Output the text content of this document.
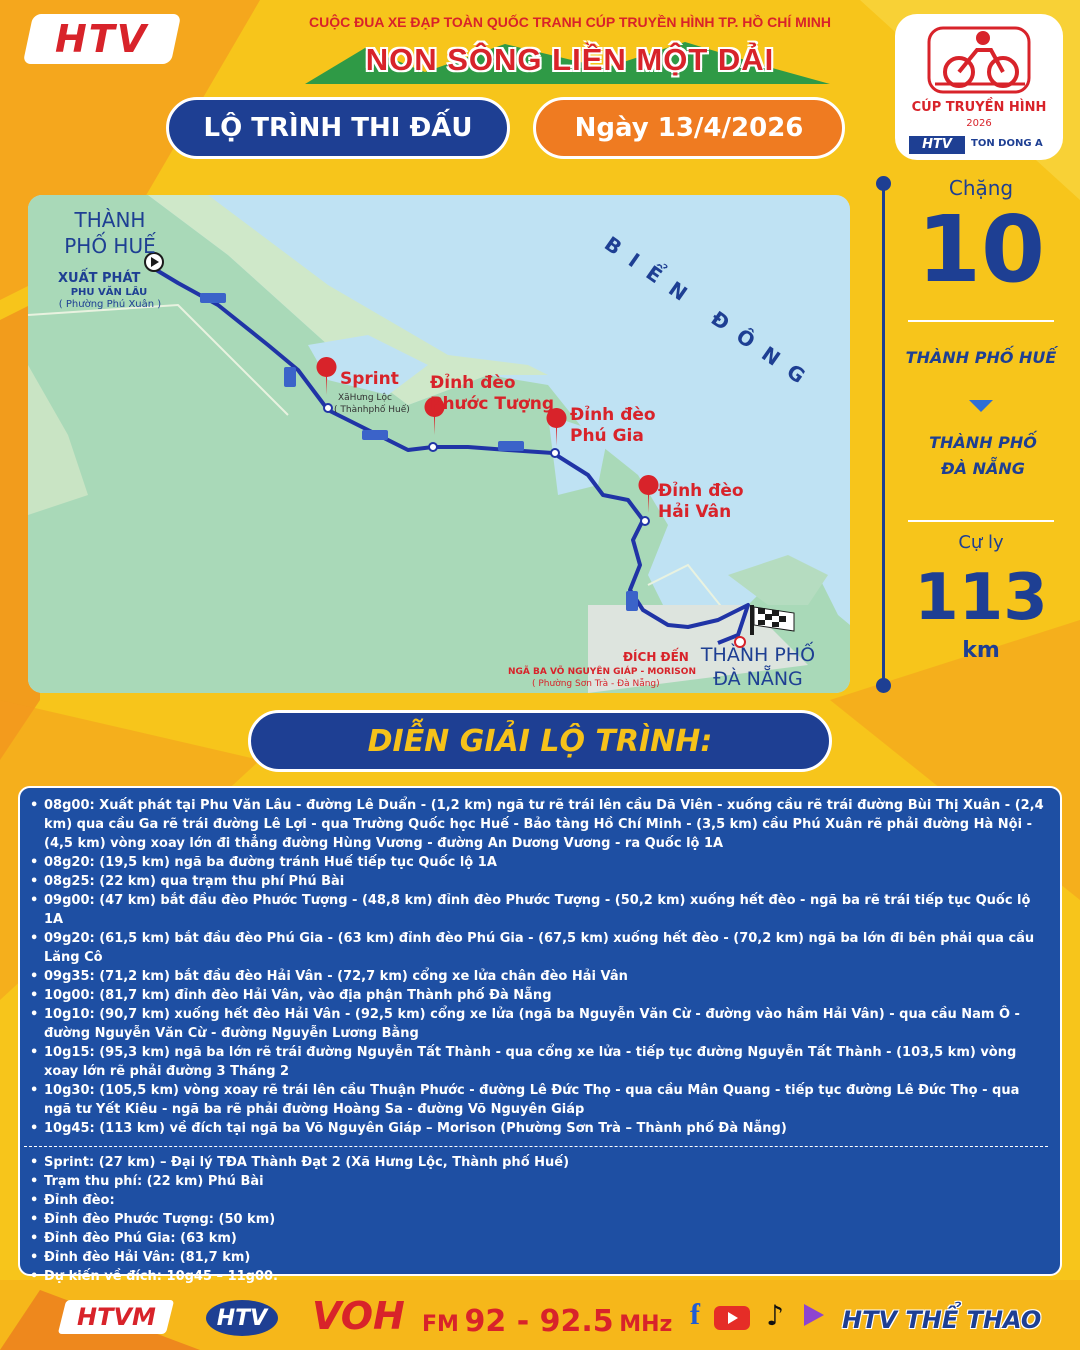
HTV	CUỘC ĐUA XE ĐẠP TOÀN QUỐC TRANH CÚP TRUYỀN HÌNH TP. HỒ CHÍ MINH
NON SÔNG LIỀN MỘT DẢI
LỘ TRÌNH THI ĐẤU	Ngày 13/4/2026
CÚP TRUYỀN HÌNH
2026
HTV	TON DONG A
THÀNH PHỐ HUẾ
XUẤT PHÁT
PHU VĂN LÂU
( Phường Phú Xuân )	BIỂN ĐÔNG
Sprint
XãHưng Lộc
( Thànhphố Huế)
Đỉnh đèo Phước Tượng
Đỉnh đèo Phú Gia
Đỉnh đèo Hải Vân
ĐÍCH ĐẾN
NGÃ BA VÕ NGUYÊN GIÁP - MORISON
( Phường Sơn Trà - Đà Nẵng)
THÀNH PHỐ ĐÀ NẴNG
Chặng
10
THÀNH PHỐ HUẾ
THÀNH PHỐ ĐÀ NẴNG
Cự ly
113
km
DIỄN GIẢI LỘ TRÌNH:
• 08g00: Xuất phát tại Phu Văn Lâu - đường Lê Duẩn - (1,2 km) ngã tư rẽ trái lên cầu Dã Viên - xuống cầu rẽ trái đường Bùi Thị Xuân - (2,4 km) qua cầu Ga rẽ trái đường Lê Lợi - qua Trường Quốc học Huế - Bảo tàng Hồ Chí Minh - (3,5 km) cầu Phú Xuân rẽ phải đường Hà Nội - (4,5 km) vòng xoay lớn đi thẳng đường Hùng Vương - đường An Dương Vương - ra Quốc lộ 1A
• 08g20: (19,5 km) ngã ba đường tránh Huế tiếp tục Quốc lộ 1A
• 08g25: (22 km) qua trạm thu phí Phú Bài
• 09g00: (47 km) bắt đầu đèo Phước Tượng - (48,8 km) đỉnh đèo Phước Tượng - (50,2 km) xuống hết đèo - ngã ba rẽ trái tiếp tục Quốc lộ 1A
• 09g20: (61,5 km) bắt đầu đèo Phú Gia - (63 km) đỉnh đèo Phú Gia - (67,5 km) xuống hết đèo - (70,2 km) ngã ba lớn đi bên phải qua cầu Lăng Cô
• 09g35: (71,2 km) bắt đầu đèo Hải Vân - (72,7 km) cổng xe lửa chân đèo Hải Vân
• 10g00: (81,7 km) đỉnh đèo Hải Vân, vào địa phận Thành phố Đà Nẵng
• 10g10: (90,7 km) xuống hết đèo Hải Vân - (92,5 km) cổng xe lửa (ngã ba Nguyễn Văn Cừ - đường vào hầm Hải Vân) - qua cầu Nam Ô - đường Nguyễn Văn Cừ - đường Nguyễn Lương Bằng
• 10g15: (95,3 km) ngã ba lớn rẽ trái đường Nguyễn Tất Thành - qua cổng xe lửa - tiếp tục đường Nguyễn Tất Thành - (103,5 km) vòng xoay lớn rẽ phải đường 3 Tháng 2
• 10g30: (105,5 km) vòng xoay rẽ trái lên cầu Thuận Phước - đường Lê Đức Thọ - qua cầu Mân Quang - tiếp tục đường Lê Đức Thọ - qua ngã tư Yết Kiêu - ngã ba rẽ phải đường Hoàng Sa - đường Võ Nguyên Giáp
• 10g45: (113 km) về đích tại ngã ba Võ Nguyên Giáp – Morison (Phường Sơn Trà – Thành phố Đà Nẵng)
• Sprint: (27 km) – Đại lý TĐA Thành Đạt 2 (Xã Hưng Lộc, Thành phố Huế)
• Trạm thu phí: (22 km) Phú Bài
• Đỉnh đèo:
• Đỉnh đèo Phước Tượng: (50 km)
• Đỉnh đèo Phú Gia: (63 km)
• Đỉnh đèo Hải Vân: (81,7 km)
• Dự kiến về đích: 10g45 – 11g00.
HTVM	HTV VOH FM 92 - 92.5 MHz f	♪ HTV THỂ THAO
